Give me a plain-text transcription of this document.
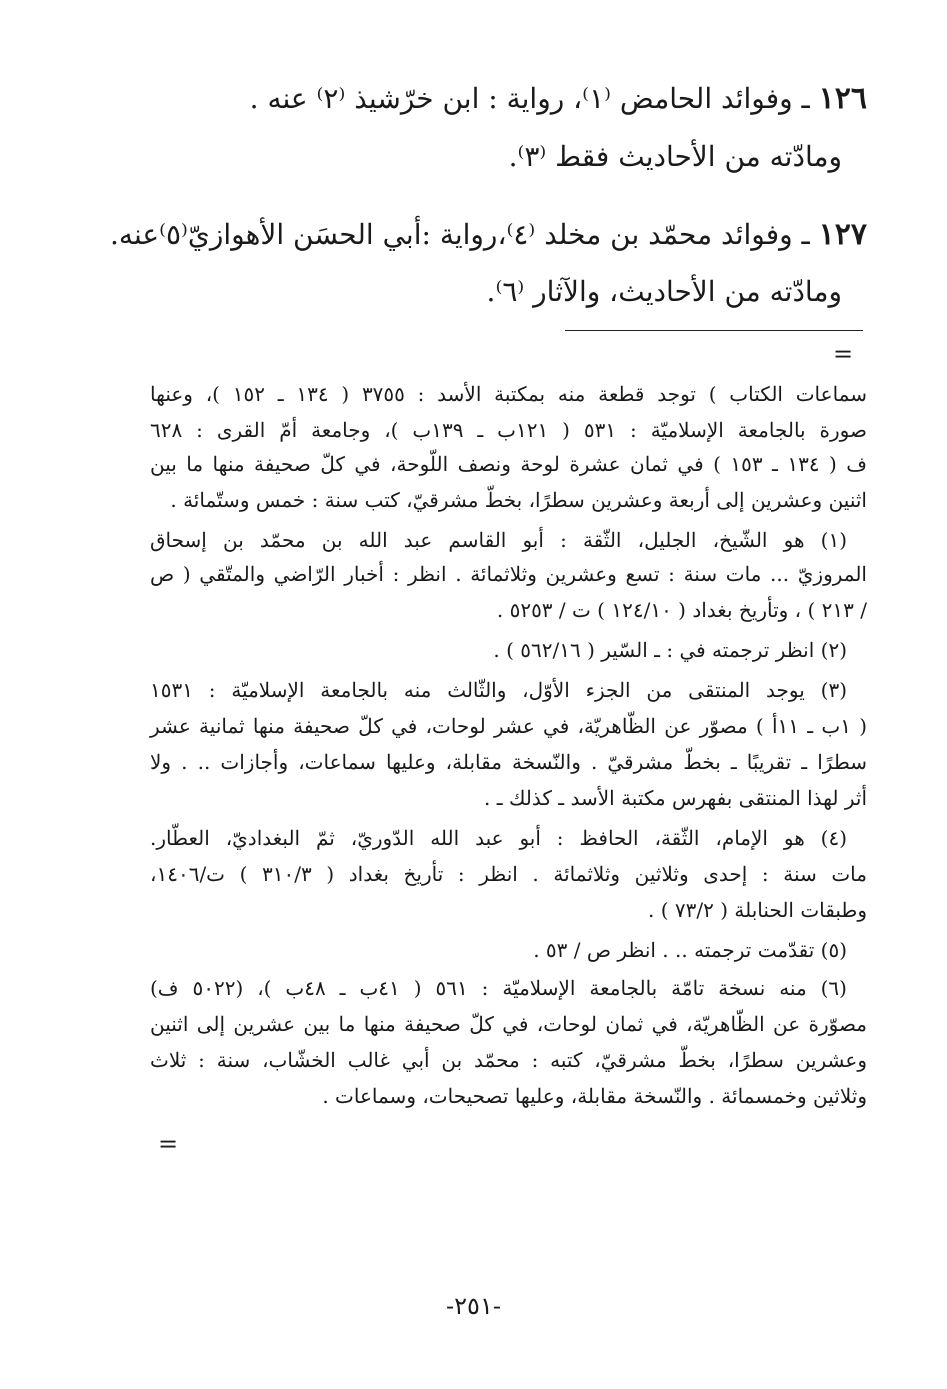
١٢٦ ـ وفوائد الحامض ⁽١⁾، رواية : ابن خرّشيذ ⁽٢⁾ عنه .
ومادّته من الأحاديث فقط ⁽٣⁾.
١٢٧ ـ وفوائد محمّد بن مخلد ⁽٤⁾،رواية :أبي الحسَن الأهوازيّ⁽٥⁾عنه.
ومادّته من الأحاديث، والآثار ⁽٦⁾.
=
سماعات الكتاب ) توجد قطعة منه بمكتبة الأسد : ٣٧٥٥ ( ١٣٤ ـ ١٥٢ )، وعنها
صورة بالجامعة الإسلاميّة : ٥٣١ ( ١٢١ب ـ ١٣٩ب )، وجامعة أمّ القرى : ٦٢٨
ف ( ١٣٤ ـ ١٥٣ ) في ثمان عشرة لوحة ونصف اللّوحة، في كلّ صحيفة منها ما بين
اثنين وعشرين إلى أربعة وعشرين سطرًا، بخطّ مشرقيّ، كتب سنة : خمس وستّمائة .
(١) هو الشّيخ، الجليل، الثّقة : أبو القاسم عبد الله بن محمّد بن إسحاق
المروزيّ ... مات سنة : تسع وعشرين وثلاثمائة . انظر : أخبار الرّاضي والمتّقي ( ص
/ ٢١٣ ) ، وتأريخ بغداد ( ١٢٤/١٠ ) ت / ٥٢٥٣ .
(٢) انظر ترجمته في : ـ السّير ( ٥٦٢/١٦ ) .
(٣) يوجد المنتقى من الجزء الأوّل، والثّالث منه بالجامعة الإسلاميّة : ١٥٣١
( ١ب ـ ١١أ ) مصوّر عن الظّاهريّة، في عشر لوحات، في كلّ صحيفة منها ثمانية عشر
سطرًا ـ تقريبًا ـ بخطّ مشرقيّ . والنّسخة مقابلة، وعليها سماعات، وأجازات .. . ولا
أثر لهذا المنتقى بفهرس مكتبة الأسد ـ كذلك ـ .
(٤) هو الإمام، الثّقة، الحافظ : أبو عبد الله الدّوريّ، ثمّ البغداديّ، العطّار.
مات سنة : إحدى وثلاثين وثلاثمائة . انظر : تأريخ بغداد ( ٣١٠/٣ ) ت/١٤٠٦،
وطبقات الحنابلة ( ٧٣/٢ ) .
(٥) تقدّمت ترجمته .. . انظر ص / ٥٣ .
(٦) منه نسخة تامّة بالجامعة الإسلاميّة : ٥٦١ ( ٤١ب ـ ٤٨ب )، (٥٠٢٢ ف)
مصوّرة عن الظّاهريّة، في ثمان لوحات، في كلّ صحيفة منها ما بين عشرين إلى اثنين
وعشرين سطرًا، بخطّ مشرقيّ، كتبه : محمّد بن أبي غالب الخشّاب، سنة : ثلاث
وثلاثين وخمسمائة . والنّسخة مقابلة، وعليها تصحيحات، وسماعات .
=
-٢٥١-
